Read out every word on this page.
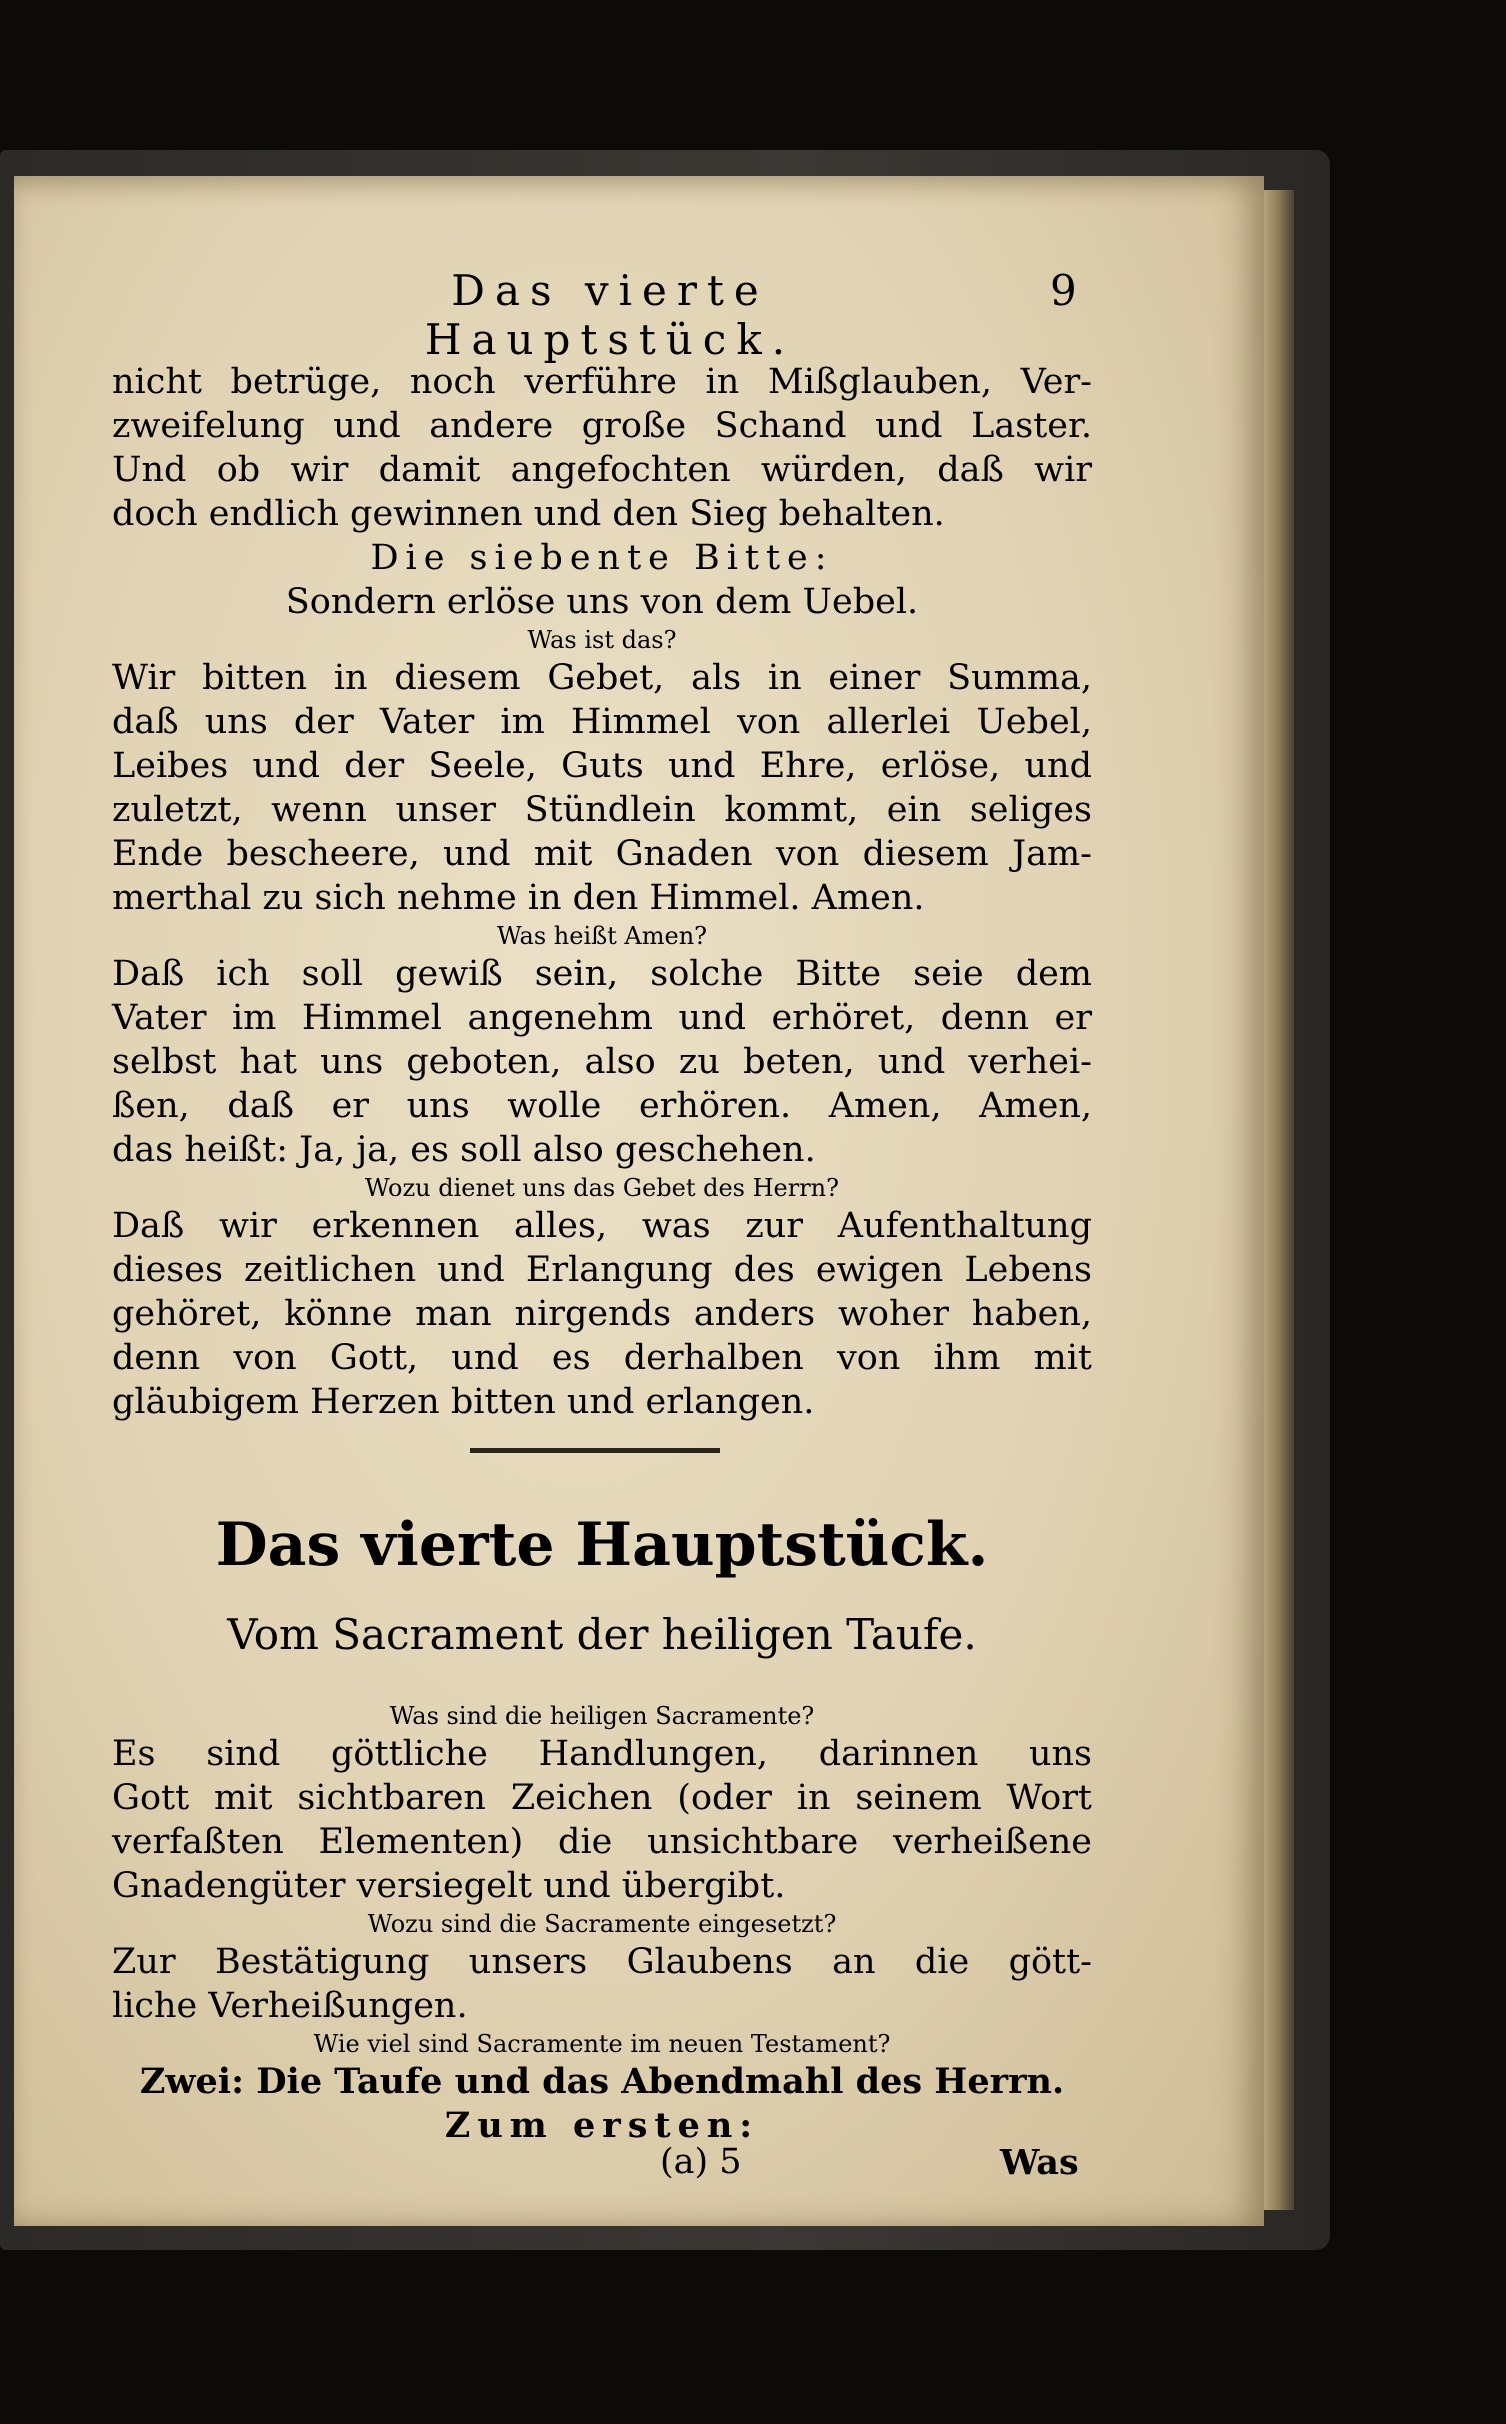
Das vierte Hauptstück.
9
nicht betrüge, noch verführe in Mißglauben, Ver-
zweifelung und andere große Schand und Laster.
Und ob wir damit angefochten würden, daß wir
doch endlich gewinnen und den Sieg behalten.
Die siebente Bitte:
Sondern erlöse uns von dem Uebel.
Was ist das?
Wir bitten in diesem Gebet, als in einer Summa,
daß uns der Vater im Himmel von allerlei Uebel,
Leibes und der Seele, Guts und Ehre, erlöse, und
zuletzt, wenn unser Stündlein kommt, ein seliges
Ende bescheere, und mit Gnaden von diesem Jam-
merthal zu sich nehme in den Himmel. Amen.
Was heißt Amen?
Daß ich soll gewiß sein, solche Bitte seie dem
Vater im Himmel angenehm und erhöret, denn er
selbst hat uns geboten, also zu beten, und verhei-
ßen, daß er uns wolle erhören. Amen, Amen,
das heißt: Ja, ja, es soll also geschehen.
Wozu dienet uns das Gebet des Herrn?
Daß wir erkennen alles, was zur Aufenthaltung
dieses zeitlichen und Erlangung des ewigen Lebens
gehöret, könne man nirgends anders woher haben,
denn von Gott, und es derhalben von ihm mit
gläubigem Herzen bitten und erlangen.
Das vierte Hauptstück.
Vom Sacrament der heiligen Taufe.
Was sind die heiligen Sacramente?
Es sind göttliche Handlungen, darinnen uns
Gott mit sichtbaren Zeichen (oder in seinem Wort
verfaßten Elementen) die unsichtbare verheißene
Gnadengüter versiegelt und übergibt.
Wozu sind die Sacramente eingesetzt?
Zur Bestätigung unsers Glaubens an die gött-
liche Verheißungen.
Wie viel sind Sacramente im neuen Testament?
Zwei: Die Taufe und das Abendmahl des Herrn.
Zum ersten:
(a) 5	Was
